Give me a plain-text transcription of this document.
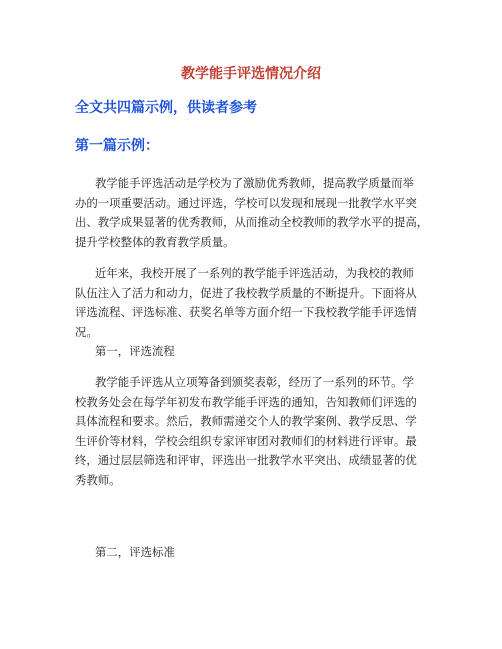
教学能手评选情况介绍
全文共四篇示例，供读者参考
第一篇示例：

教学能手评选活动是学校为了激励优秀教师，提高教学质量而举
办的一项重要活动。通过评选，学校可以发现和展现一批教学水平突
出、教学成果显著的优秀教师，从而推动全校教师的教学水平的提高，
提升学校整体的教育教学质量。

近年来，我校开展了一系列的教学能手评选活动，为我校的教师
队伍注入了活力和动力，促进了我校教学质量的不断提升。下面将从
评选流程、评选标准、获奖名单等方面介绍一下我校教学能手评选情
况。

第一，评选流程

教学能手评选从立项筹备到颁奖表彰，经历了一系列的环节。学
校教务处会在每学年初发布教学能手评选的通知，告知教师们评选的
具体流程和要求。然后，教师需递交个人的教学案例、教学反思、学
生评价等材料，学校会组织专家评审团对教师们的材料进行评审。最
终，通过层层筛选和评审，评选出一批教学水平突出、成绩显著的优
秀教师。

第二，评选标准
